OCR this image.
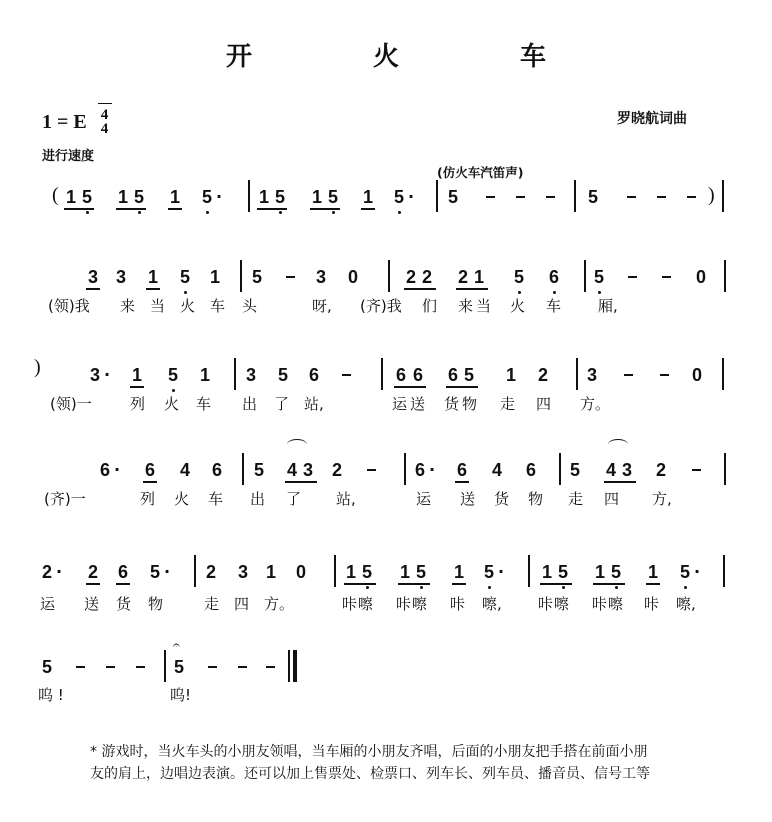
开 火 车
1 = E $\frac{4}{4}$
进行速度
罗晓航词曲
(仿火车汽笛声)
( 1 5 1 5 1 5 · 1 5 1 5 1 5 · 5	5	)
3 3 1 5 1 5	3 0	2 2 2 1 5 6 5	0
(领)我 来 当 火 车 头	呀, (齐)我 们 来 当 火 车 厢,
)	3 · 1 5 1 3 5 6	6 6 6 5 1 2 3	0
(领)一	列 火 车 出 了 站,	运 送 货 物 走 四 方。
6 · 6 4 6 5 4 3 2	6 · 6 4 6 5 4 3 2
(齐)一	列 火 车 出 了 站,	运 送 货 物 走 四 方,
2 · 2 6 5 · 2 3 1 0 1 5 1 5 1 5 · 1 5 1 5 1 5 ·
运 送 货 物	走 四 方。	咔 嚓 咔 嚓 咔 嚓, 咔 嚓 咔 嚓 咔 嚓,
5
𝄐
5
呜 !	呜!
* 游戏时，当火车头的小朋友领唱，当车厢的小朋友齐唱，后面的小朋友把手搭在前面小朋
友的肩上，边唱边表演。还可以加上售票处、检票口、列车长、列车员、播音员、信号工等
